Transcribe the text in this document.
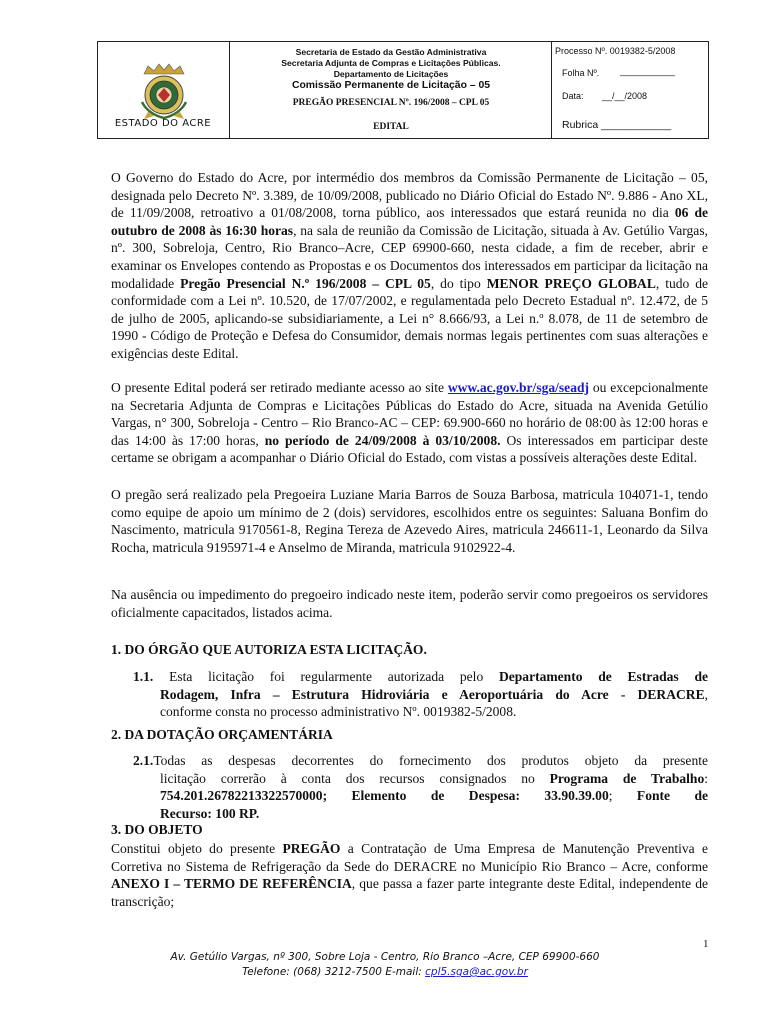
ESTADO DO ACRE
Secretaria de Estado da Gestão Administrativa
Secretaria Adjunta de Compras e Licitações Públicas.
Departamento de Licitações
Comissão Permanente de Licitação – 05
PREGÃO PRESENCIAL Nº. 196/2008 – CPL 05
EDITAL
Processo Nº. 0019382-5/2008
Folha Nº. ___________
Data: __/__/2008
Rubrica ____________

O Governo do Estado do Acre, por intermédio dos membros da Comissão Permanente de Licitação – 05, designada pelo Decreto Nº. 3.389, de 10/09/2008, publicado no Diário Oficial do Estado Nº. 9.886 - Ano XL, de 11/09/2008, retroativo a 01/08/2008, torna público, aos interessados que estará reunida no dia 06 de outubro de 2008 às 16:30 horas, na sala de reunião da Comissão de Licitação, situada à Av. Getúlio Vargas, nº. 300, Sobreloja, Centro, Rio Branco–Acre, CEP 69900-660, nesta cidade, a fim de receber, abrir e examinar os Envelopes contendo as Propostas e os Documentos dos interessados em participar da licitação na modalidade Pregão Presencial N.º 196/2008 – CPL 05, do tipo MENOR PREÇO GLOBAL, tudo de conformidade com a Lei nº. 10.520, de 17/07/2002, e regulamentada pelo Decreto Estadual nº. 12.472, de 5 de julho de 2005, aplicando-se subsidiariamente, a Lei n° 8.666/93, a Lei n.º 8.078, de 11 de setembro de 1990 - Código de Proteção e Defesa do Consumidor, demais normas legais pertinentes com suas alterações e exigências deste Edital.

O presente Edital poderá ser retirado mediante acesso ao site www.ac.gov.br/sga/seadj ou excepcionalmente na Secretaria Adjunta de Compras e Licitações Públicas do Estado do Acre, situada na Avenida Getúlio Vargas, n° 300, Sobreloja - Centro – Rio Branco-AC – CEP: 69.900-660 no horário de 08:00 às 12:00 horas e das 14:00 às 17:00 horas, no período de 24/09/2008 à 03/10/2008. Os interessados em participar deste certame se obrigam a acompanhar o Diário Oficial do Estado, com vistas a possíveis alterações deste Edital.

O pregão será realizado pela Pregoeira Luziane Maria Barros de Souza Barbosa, matricula 104071-1, tendo como equipe de apoio um mínimo de 2 (dois) servidores, escolhidos entre os seguintes: Saluana Bonfim do Nascimento, matricula 9170561-8, Regina Tereza de Azevedo Aires, matricula 246611-1, Leonardo da Silva Rocha, matricula 9195971-4 e Anselmo de Miranda, matricula 9102922-4.

Na ausência ou impedimento do pregoeiro indicado neste item, poderão servir como pregoeiros os servidores oficialmente capacitados, listados acima.

1. DO ÓRGÃO QUE AUTORIZA ESTA LICITAÇÃO.
1.1. Esta licitação foi regularmente autorizada pelo Departamento de Estradas de
Rodagem, Infra – Estrutura Hidroviária e Aeroportuária do Acre - DERACRE,
conforme consta no processo administrativo Nº. 0019382-5/2008.
2. DA DOTAÇÃO ORÇAMENTÁRIA
2.1.Todas as despesas decorrentes do fornecimento dos produtos objeto da presente
licitação correrão à conta dos recursos consignados no Programa de Trabalho:
754.201.26782213322570000; Elemento de Despesa: 33.90.39.00; Fonte de
Recurso: 100 RP.
3. DO OBJETO

Constitui objeto do presente PREGÃO a Contratação de Uma Empresa de Manutenção Preventiva e Corretiva no Sistema de Refrigeração da Sede do DERACRE no Município Rio Branco – Acre, conforme ANEXO I – TERMO DE REFERÊNCIA, que passa a fazer parte integrante deste Edital, independente de transcrição;

1
Av. Getúlio Vargas, nº 300, Sobre Loja - Centro, Rio Branco –Acre, CEP 69900-660
Telefone: (068) 3212-7500 E-mail: cpl5.sga@ac.gov.br
